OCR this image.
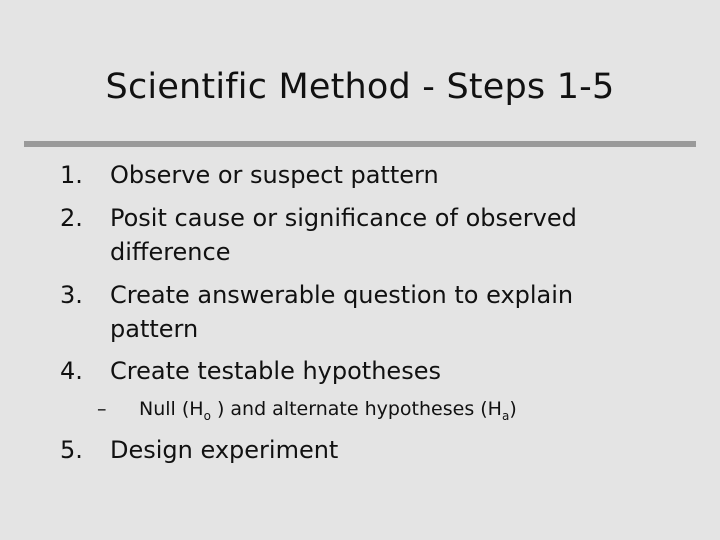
Scientific Method - Steps 1-5
1. Observe or suspect pattern
2. Posit cause or significance of observed
difference
3. Create answerable question to explain
pattern
4. Create testable hypotheses
– Null ($H_o$ ) and alternate hypotheses $(H_a)$
5. Design experiment
